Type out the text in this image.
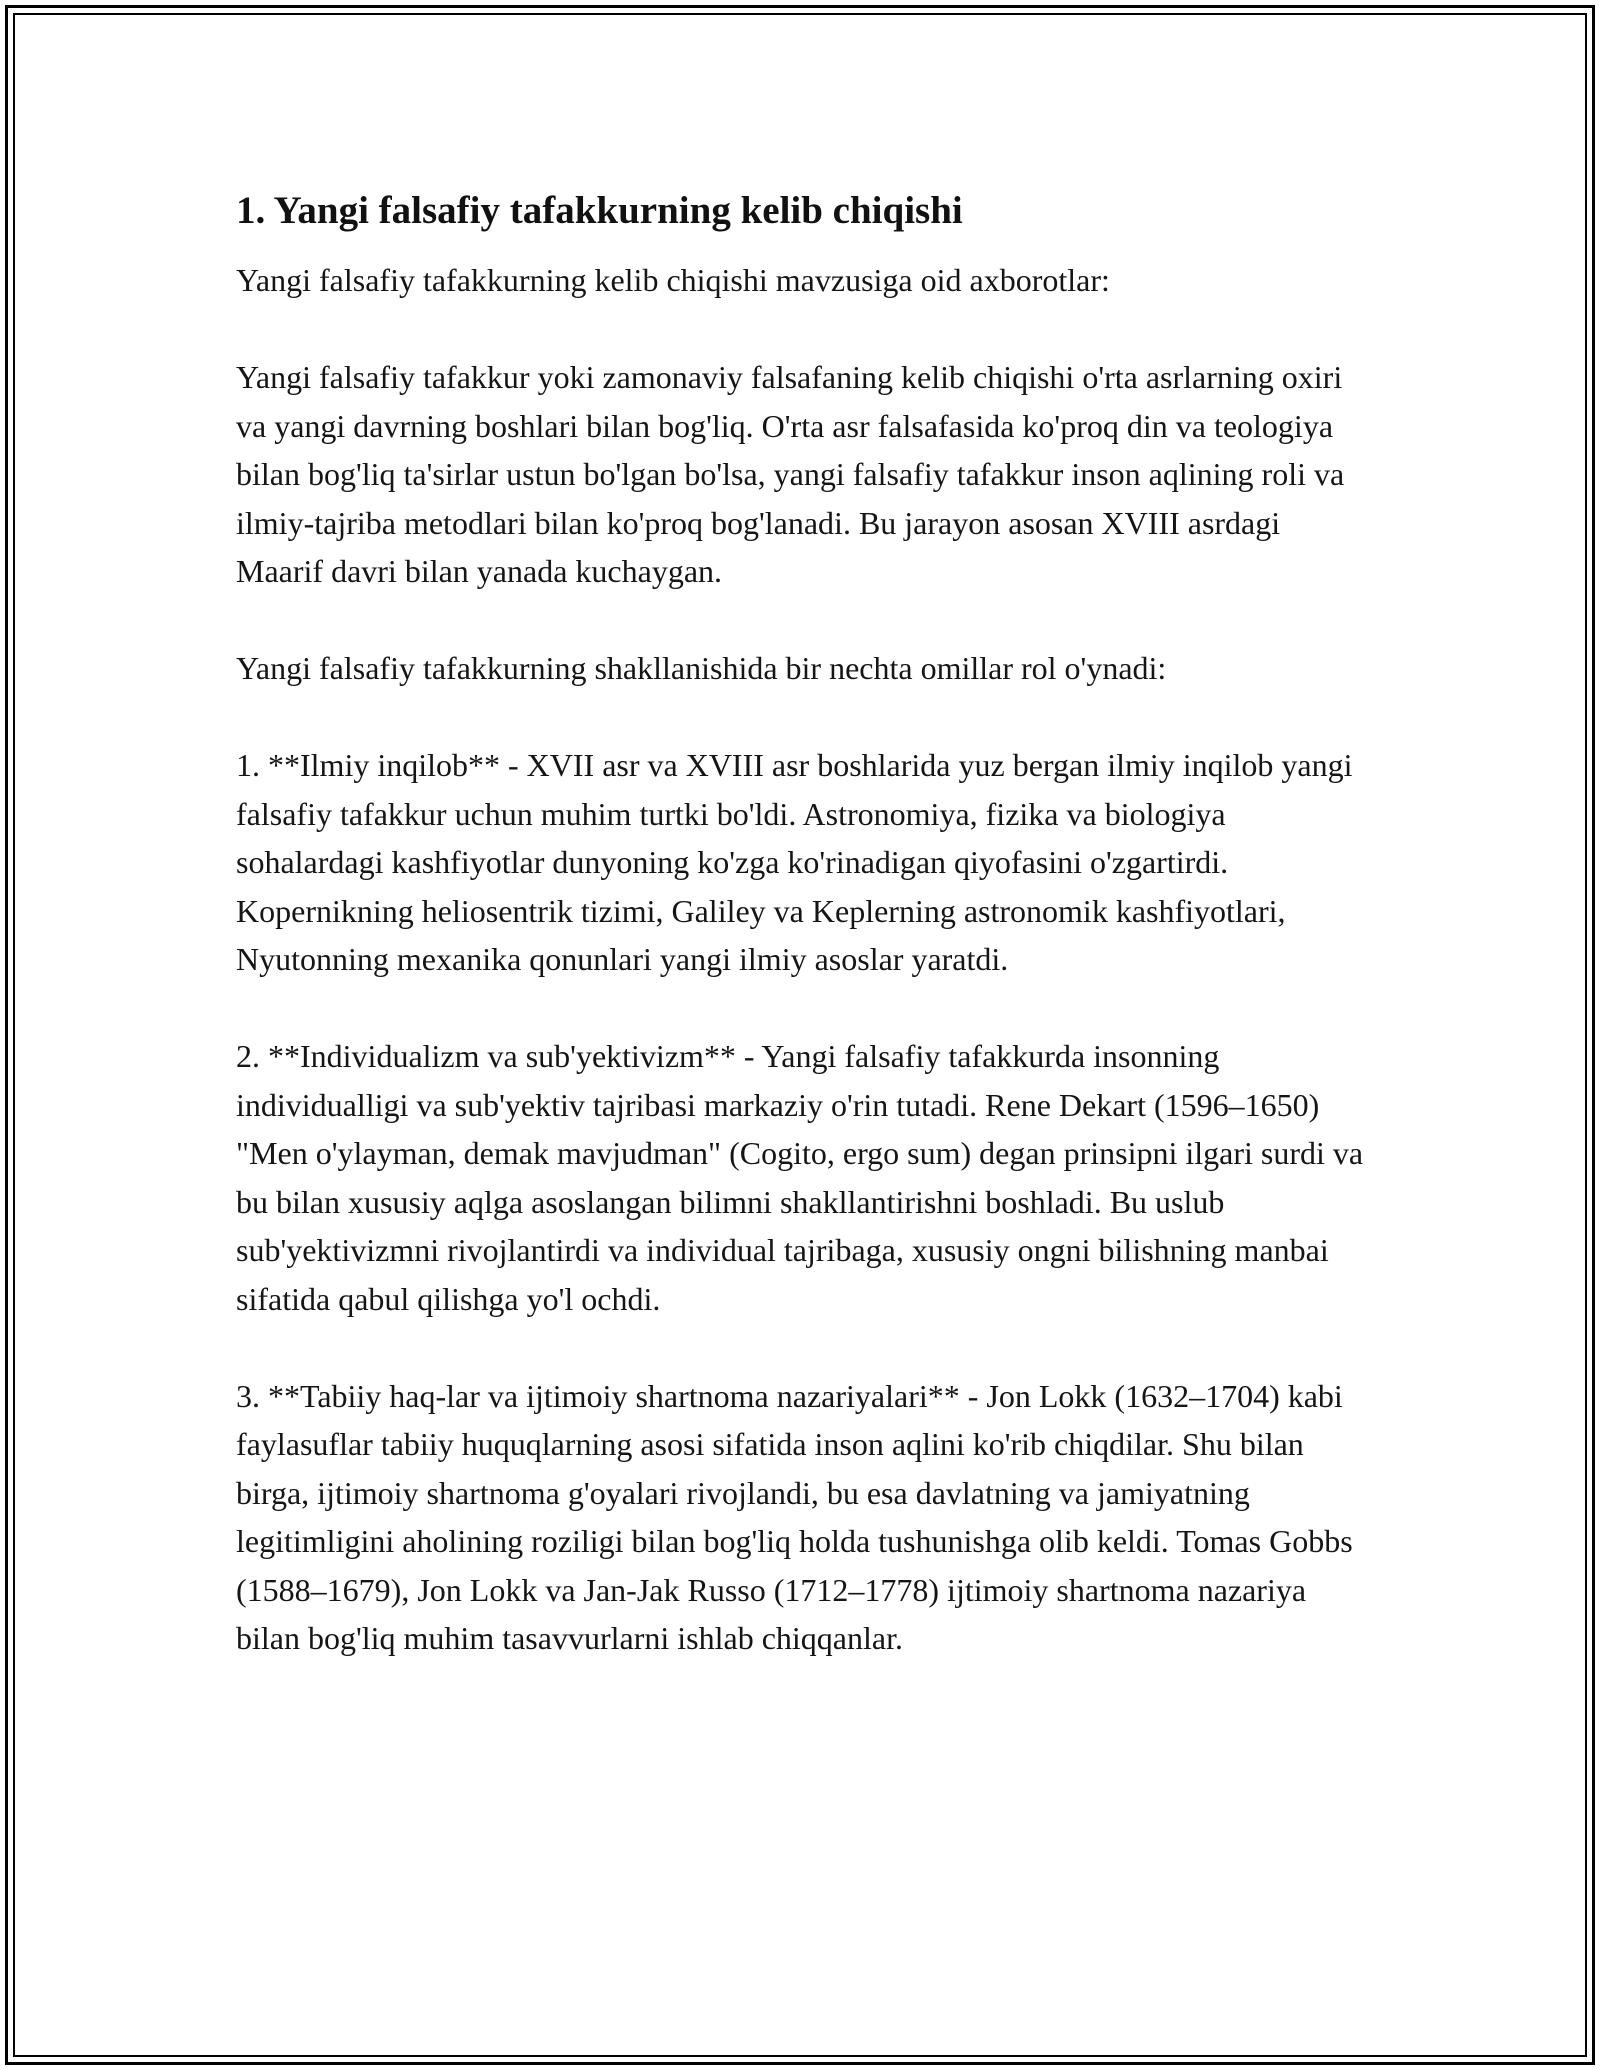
1. Yangi falsafiy tafakkurning kelib chiqishi

Yangi falsafiy tafakkurning kelib chiqishi mavzusiga oid axborotlar:

Yangi falsafiy tafakkur yoki zamonaviy falsafaning kelib chiqishi o'rta asrlarning oxiri va yangi davrning boshlari bilan bog'liq. O'rta asr falsafasida ko'proq din va teologiya bilan bog'liq ta'sirlar ustun bo'lgan bo'lsa, yangi falsafiy tafakkur inson aqlining roli va ilmiy-tajriba metodlari bilan ko'proq bog'lanadi. Bu jarayon asosan XVIII asrdagi Maarif davri bilan yanada kuchaygan.

Yangi falsafiy tafakkurning shakllanishida bir nechta omillar rol o'ynadi:

1. **Ilmiy inqilob** - XVII asr va XVIII asr boshlarida yuz bergan ilmiy inqilob yangi falsafiy tafakkur uchun muhim turtki bo'ldi. Astronomiya, fizika va biologiya sohalardagi kashfiyotlar dunyoning ko'zga ko'rinadigan qiyofasini o'zgartirdi. Kopernikning heliosentrik tizimi, Galiley va Keplerning astronomik kashfiyotlari, Nyutonning mexanika qonunlari yangi ilmiy asoslar yaratdi.

2. **Individualizm va sub'yektivizm** - Yangi falsafiy tafakkurda insonning individualligi va sub'yektiv tajribasi markaziy o'rin tutadi. Rene Dekart (1596–1650) "Men o'ylayman, demak mavjudman" (Cogito, ergo sum) degan prinsipni ilgari surdi va bu bilan xususiy aqlga asoslangan bilimni shakllantirishni boshladi. Bu uslub sub'yektivizmni rivojlantirdi va individual tajribaga, xususiy ongni bilishning manbai sifatida qabul qilishga yo'l ochdi.

3. **Tabiiy haq-lar va ijtimoiy shartnoma nazariyalari** - Jon Lokk (1632–1704) kabi faylasuflar tabiiy huquqlarning asosi sifatida inson aqlini ko'rib chiqdilar. Shu bilan birga, ijtimoiy shartnoma g'oyalari rivojlandi, bu esa davlatning va jamiyatning legitimligini aholining roziligi bilan bog'liq holda tushunishga olib keldi. Tomas Gobbs (1588–1679), Jon Lokk va Jan-Jak Russo (1712–1778) ijtimoiy shartnoma nazariya bilan bog'liq muhim tasavvurlarni ishlab chiqqanlar.
